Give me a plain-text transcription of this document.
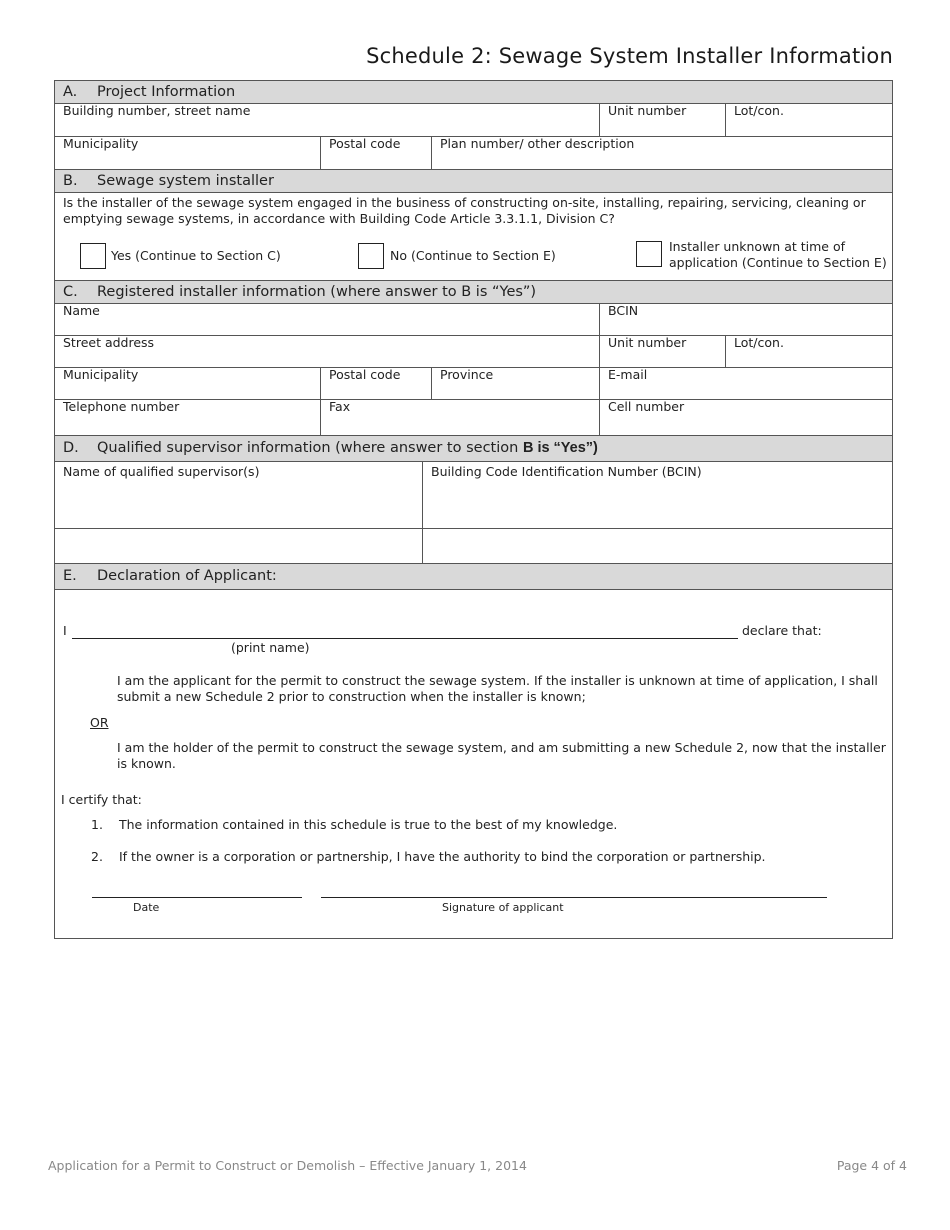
Schedule 2: Sewage System Installer Information
A. Project Information
Building number, street name	Unit number	Lot/con.
Municipality	Postal code	Plan number/ other description
B. Sewage system installer
Is the installer of the sewage system engaged in the business of constructing on-site, installing, repairing, servicing, cleaning or emptying sewage systems, in accordance with Building Code Article 3.3.1.1, Division C?
Yes (Continue to Section C)	No (Continue to Section E)
Installer unknown at time of application (Continue to Section E)
C. Registered installer information (where answer to B is “Yes”)
Name	BCIN
Street address	Unit number	Lot/con.
Municipality	Postal code	Province	E-mail
Telephone number	Fax	Cell number
D. Qualified supervisor information (where answer to section B is “Yes”)
Name of qualified supervisor(s)	Building Code Identification Number (BCIN)
E. Declaration of Applicant:
I	declare that:
(print name)
I am the applicant for the permit to construct the sewage system. If the installer is unknown at time of application, I shall submit a new Schedule 2 prior to construction when the installer is known;
OR
I am the holder of the permit to construct the sewage system, and am submitting a new Schedule 2, now that the installer is known.
I certify that:
1. The information contained in this schedule is true to the best of my knowledge.
2. If the owner is a corporation or partnership, I have the authority to bind the corporation or partnership.
Date	Signature of applicant
Application for a Permit to Construct or Demolish – Effective January 1, 2014	Page 4 of 4
